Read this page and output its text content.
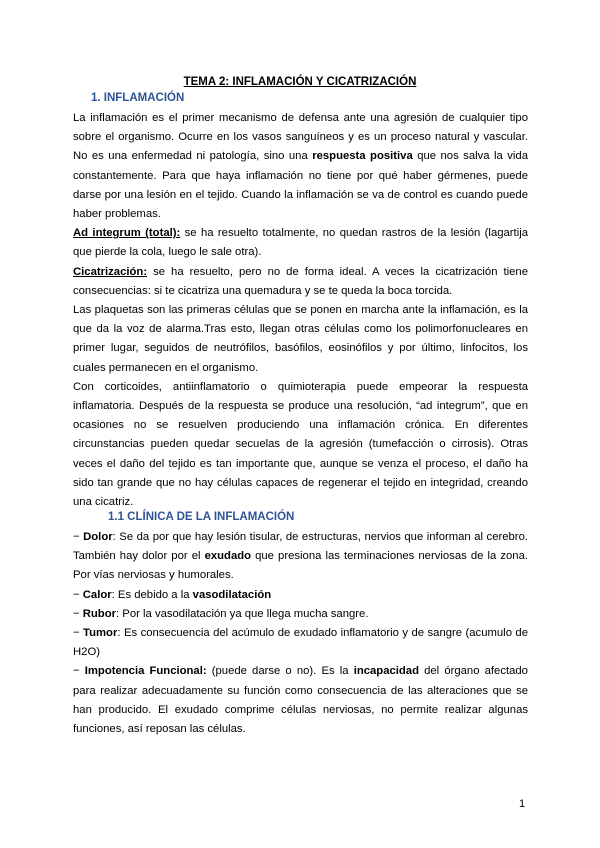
TEMA 2: INFLAMACIÓN Y CICATRIZACIÓN
1. INFLAMACIÓN

La inflamación es el primer mecanismo de defensa ante una agresión de cualquier tipo sobre el organismo. Ocurre en los vasos sanguíneos y es un proceso natural y vascular. No es una enfermedad ni patología, sino una respuesta positiva que nos salva la vida constantemente. Para que haya inflamación no tiene por qué haber gérmenes, puede darse por una lesión en el tejido. Cuando la inflamación se va de control es cuando puede haber problemas.

Ad integrum (total): se ha resuelto totalmente, no quedan rastros de la lesión (lagartija que pierde la cola, luego le sale otra).

Cicatrización: se ha resuelto, pero no de forma ideal. A veces la cicatrización tiene consecuencias: si te cicatriza una quemadura y se te queda la boca torcida.

Las plaquetas son las primeras células que se ponen en marcha ante la inflamación, es la que da la voz de alarma.Tras esto, llegan otras células como los polimorfonucleares en primer lugar, seguidos de neutrófilos, basófilos, eosinófilos y por último, linfocitos, los cuales permanecen en el organismo.

Con corticoides, antiinflamatorio o quimioterapia puede empeorar la respuesta inflamatoria. Después de la respuesta se produce una resolución, “ad integrum”, que en ocasiones no se resuelven produciendo una inflamación crónica. En diferentes circunstancias pueden quedar secuelas de la agresión (tumefacción o cirrosis). Otras veces el daño del tejido es tan importante que, aunque se venza el proceso, el daño ha sido tan grande que no hay células capaces de regenerar el tejido en integridad, creando una cicatriz.

1.1 CLÍNICA DE LA INFLAMACIÓN

− Dolor: Se da por que hay lesión tisular, de estructuras, nervios que informan al cerebro. También hay dolor por el exudado que presiona las terminaciones nerviosas de la zona. Por vías nerviosas y humorales.

− Calor: Es debido a la vasodilatación

− Rubor: Por la vasodilatación ya que llega mucha sangre.

− Tumor: Es consecuencia del acúmulo de exudado inflamatorio y de sangre (acumulo de H2O)

− Impotencia Funcional: (puede darse o no). Es la incapacidad del órgano afectado para realizar adecuadamente su función como consecuencia de las alteraciones que se han producido. El exudado comprime células nerviosas, no permite realizar algunas funciones, así reposan las células.

1
